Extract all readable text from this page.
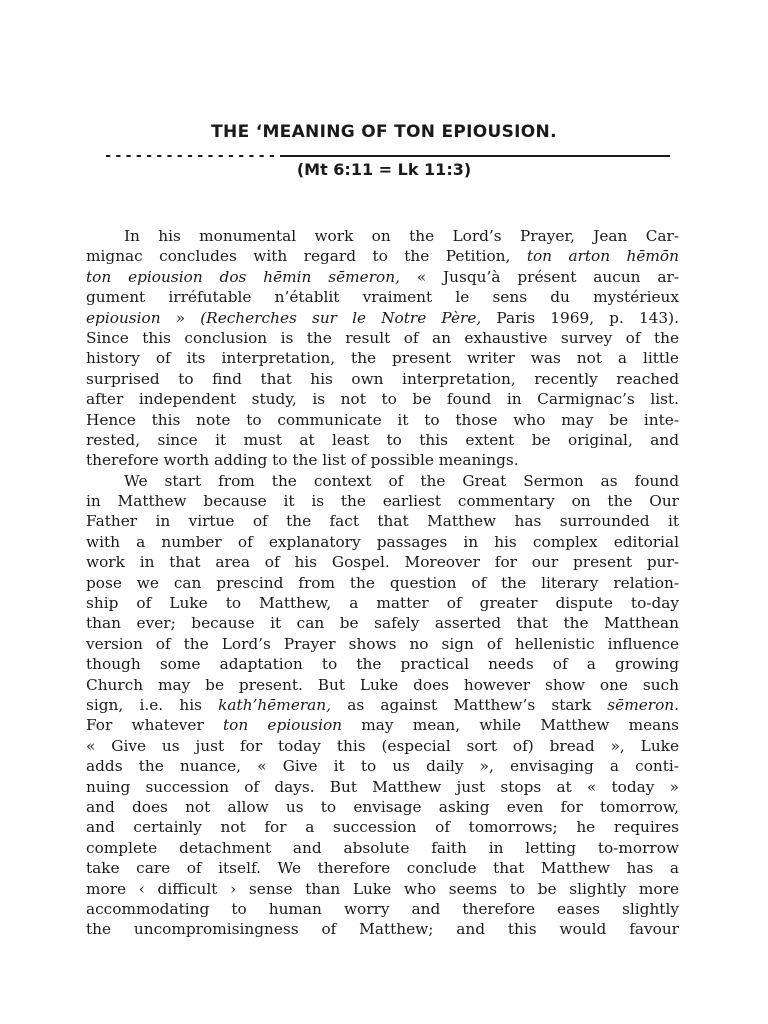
THE ‘MEANING OF TON EPIOUSION.
(Mt 6:11 = Lk 11:3)
In his monumental work on the Lord’s Prayer, Jean Car-
mignac concludes with regard to the Petition, ton arton hēmōn
ton epiousion dos hēmin sēmeron, « Jusqu’à présent aucun ar-
gument irréfutable n’établit vraiment le sens du mystérieux
epiousion » (Recherches sur le Notre Père, Paris 1969, p. 143).
Since this conclusion is the result of an exhaustive survey of the
history of its interpretation, the present writer was not a little
surprised to find that his own interpretation, recently reached
after independent study, is not to be found in Carmignac’s list.
Hence this note to communicate it to those who may be inte-
rested, since it must at least to this extent be original, and
therefore worth adding to the list of possible meanings.
We start from the context of the Great Sermon as found
in Matthew because it is the earliest commentary on the Our
Father in virtue of the fact that Matthew has surrounded it
with a number of explanatory passages in his complex editorial
work in that area of his Gospel. Moreover for our present pur-
pose we can prescind from the question of the literary relation-
ship of Luke to Matthew, a matter of greater dispute to-day
than ever; because it can be safely asserted that the Matthean
version of the Lord’s Prayer shows no sign of hellenistic influence
though some adaptation to the practical needs of a growing
Church may be present. But Luke does however show one such
sign, i.e. his kath’hēmeran, as against Matthew’s stark sēmeron.
For whatever ton epiousion may mean, while Matthew means
« Give us just for today this (especial sort of) bread », Luke
adds the nuance, « Give it to us daily », envisaging a conti-
nuing succession of days. But Matthew just stops at « today »
and does not allow us to envisage asking even for tomorrow,
and certainly not for a succession of tomorrows; he requires
complete detachment and absolute faith in letting to-morrow
take care of itself. We therefore conclude that Matthew has a
more ‹ difficult › sense than Luke who seems to be slightly more
accommodating to human worry and therefore eases slightly
the uncompromisingness of Matthew; and this would favour
